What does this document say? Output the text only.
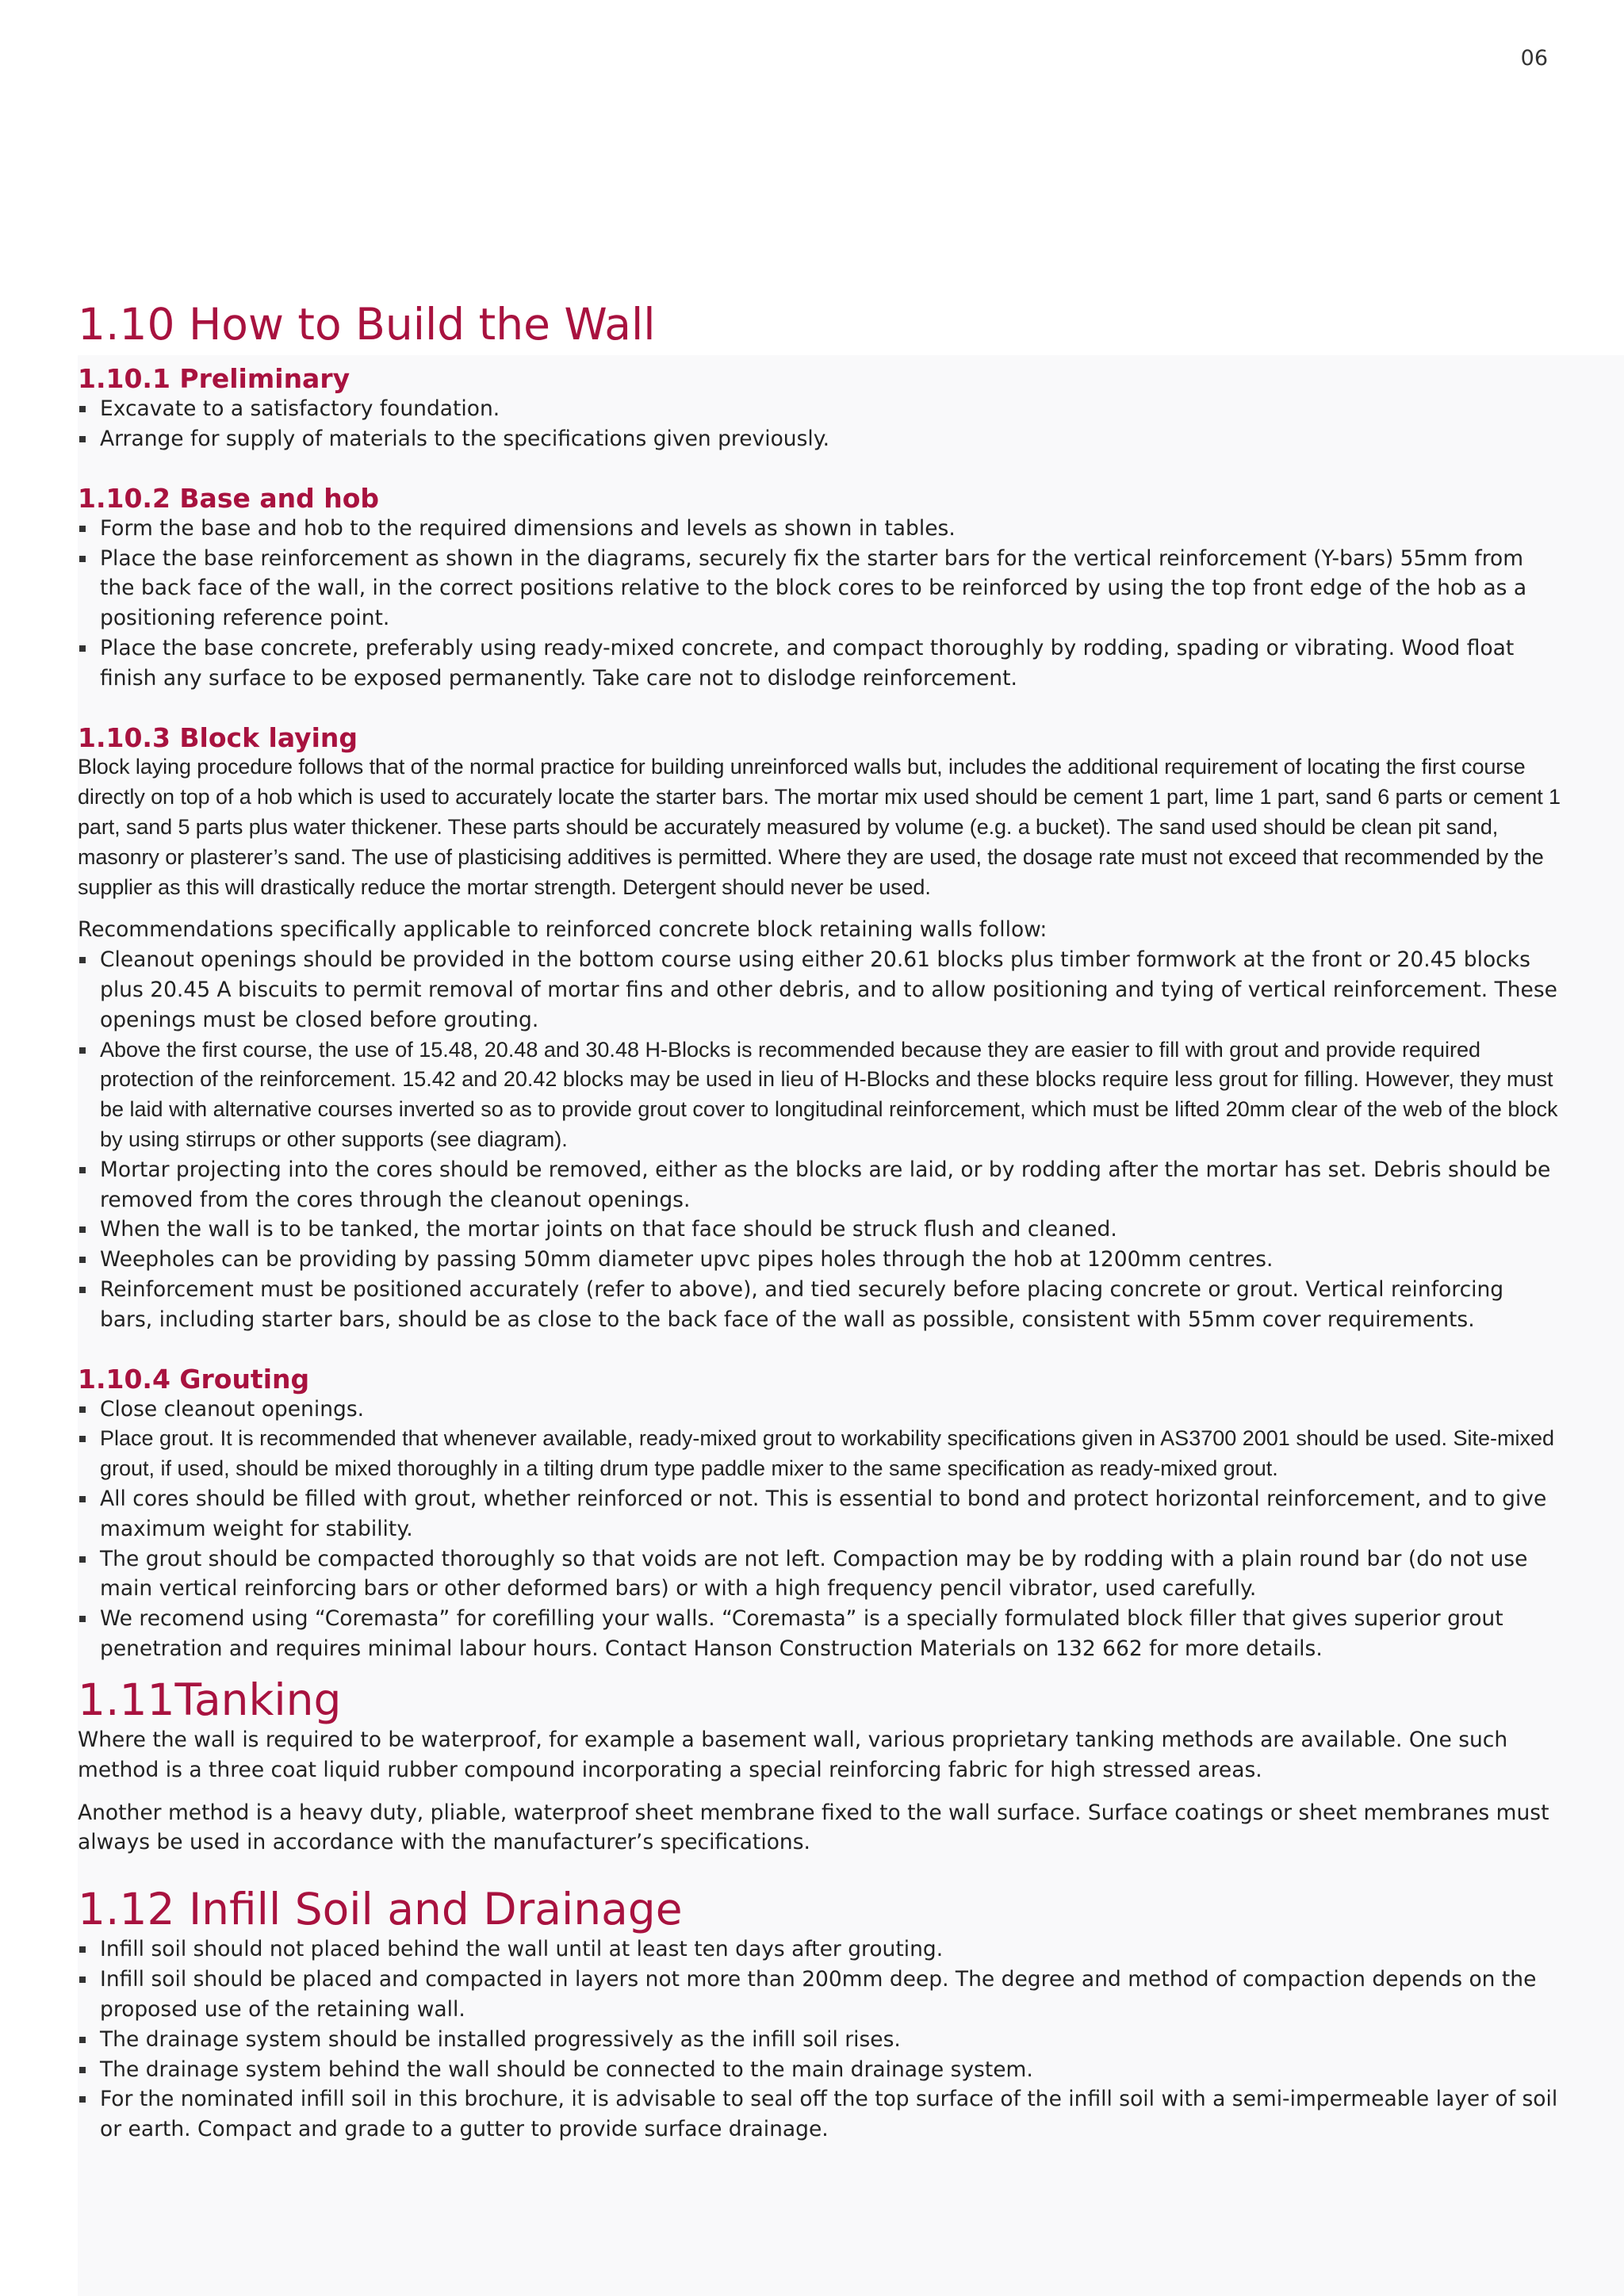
06
1.10 How to Build the Wall
1.10.1 Preliminary
Excavate to a satisfactory foundation.
Arrange for supply of materials to the specifications given previously.
1.10.2 Base and hob
Form the base and hob to the required dimensions and levels as shown in tables.
Place the base reinforcement as shown in the diagrams, securely fix the starter bars for the vertical reinforcement (Y-bars) 55mm from the back face of the wall, in the correct positions relative to the block cores to be reinforced by using the top front edge of the hob as a positioning reference point.
Place the base concrete, preferably using ready-mixed concrete, and compact thoroughly by rodding, spading or vibrating. Wood float finish any surface to be exposed permanently. Take care not to dislodge reinforcement.
1.10.3 Block laying

Block laying procedure follows that of the normal practice for building unreinforced walls but, includes the additional requirement of locating the first course directly on top of a hob which is used to accurately locate the starter bars. The mortar mix used should be cement 1 part, lime 1 part, sand 6 parts or cement 1 part, sand 5 parts plus water thickener. These parts should be accurately measured by volume (e.g. a bucket). The sand used should be clean pit sand, masonry or plasterer’s sand. The use of plasticising additives is permitted. Where they are used, the dosage rate must not exceed that recommended by the supplier as this will drastically reduce the mortar strength. Detergent should never be used.

Recommendations specifically applicable to reinforced concrete block retaining walls follow:

Cleanout openings should be provided in the bottom course using either 20.61 blocks plus timber formwork at the front or 20.45 blocks plus 20.45 A biscuits to permit removal of mortar fins and other debris, and to allow positioning and tying of vertical reinforcement. These openings must be closed before grouting.
Above the first course, the use of 15.48, 20.48 and 30.48 H-Blocks is recommended because they are easier to fill with grout and provide required protection of the reinforcement. 15.42 and 20.42 blocks may be used in lieu of H-Blocks and these blocks require less grout for filling. However, they must be laid with alternative courses inverted so as to provide grout cover to longitudinal reinforcement, which must be lifted 20mm clear of the web of the block by using stirrups or other supports (see diagram).
Mortar projecting into the cores should be removed, either as the blocks are laid, or by rodding after the mortar has set. Debris should be removed from the cores through the cleanout openings.
When the wall is to be tanked, the mortar joints on that face should be struck flush and cleaned.
Weepholes can be providing by passing 50mm diameter upvc pipes holes through the hob at 1200mm centres.
Reinforcement must be positioned accurately (refer to above), and tied securely before placing concrete or grout. Vertical reinforcing bars, including starter bars, should be as close to the back face of the wall as possible, consistent with 55mm cover requirements.
1.10.4 Grouting
Close cleanout openings.
Place grout. It is recommended that whenever available, ready-mixed grout to workability specifications given in AS3700 2001 should be used. Site-mixed grout, if used, should be mixed thoroughly in a tilting drum type paddle mixer to the same specification as ready-mixed grout.
All cores should be filled with grout, whether reinforced or not. This is essential to bond and protect horizontal reinforcement, and to give maximum weight for stability.
The grout should be compacted thoroughly so that voids are not left. Compaction may be by rodding with a plain round bar (do not use main vertical reinforcing bars or other deformed bars) or with a high frequency pencil vibrator, used carefully.
We recomend using “Coremasta” for corefilling your walls. “Coremasta” is a specially formulated block filler that gives superior grout penetration and requires minimal labour hours. Contact Hanson Construction Materials on 132 662 for more details.
1.11Tanking

Where the wall is required to be waterproof, for example a basement wall, various proprietary tanking methods are available. One such method is a three coat liquid rubber compound incorporating a special reinforcing fabric for high stressed areas.

Another method is a heavy duty, pliable, waterproof sheet membrane fixed to the wall surface. Surface coatings or sheet membranes must always be used in accordance with the manufacturer’s specifications.

1.12 Infill Soil and Drainage
Infill soil should not placed behind the wall until at least ten days after grouting.
Infill soil should be placed and compacted in layers not more than 200mm deep. The degree and method of compaction depends on the proposed use of the retaining wall.
The drainage system should be installed progressively as the infill soil rises.
The drainage system behind the wall should be connected to the main drainage system.
For the nominated infill soil in this brochure, it is advisable to seal off the top surface of the infill soil with a semi-impermeable layer of soil or earth. Compact and grade to a gutter to provide surface drainage.
